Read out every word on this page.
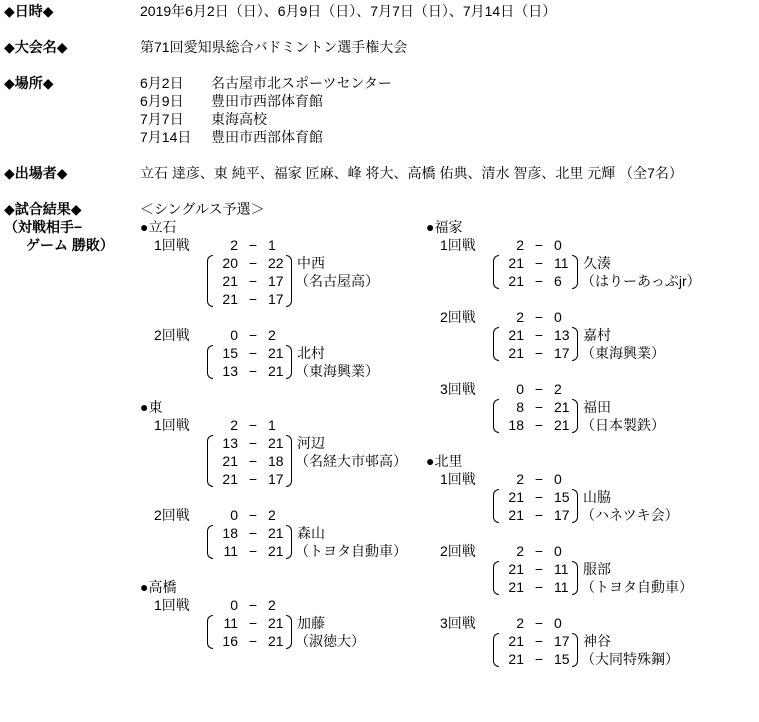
◆日時◆	2019年6月2日（日）、6月9日（日）、7月7日（日）、7月14日（日）
◆大会名◆	第71回愛知県総合バドミントン選手権大会
◆場所◆	6月2日 名古屋市北スポーツセンター
6月9日 豊田市西部体育館
7月7日 東海高校
7月14日 豊田市西部体育館
◆出場者◆	立石 達彦、東 純平、福家 匠麻、峰 将大、高橋 佑典、清水 智彦、北里 元輝 （全7名）
◆試合結果◆
（対戦相手−
ゲーム 勝敗）
＜シングルス予選＞
●立石
1回戦	2 − 1
20 − 22
21 − 17
21 − 17
中西
（名古屋高）
2回戦	0 − 2
15 − 21
13 − 21
北村
（東海興業）
●東
1回戦	2 − 1
13 − 21
21 − 18
21 − 17
河辺
（名経大市邨高）
2回戦	0 − 2
18 − 21
11 − 21
森山
（トヨタ自動車）
●高橋
1回戦	0 − 2
11 − 21
16 − 21
加藤
（淑徳大）
●福家
1回戦	2 − 0
21 − 11
21 − 6
久湊
（はりーあっぷjr）
2回戦	2 − 0
21 − 13
21 − 17
嘉村
（東海興業）
3回戦	0 − 2
8 − 21
18 − 21
福田
（日本製鉄）
●北里
1回戦	2 − 0
21 − 15
21 − 17
山脇
（ハネツキ会）
2回戦	2 − 0
21 − 11
21 − 11
服部
（トヨタ自動車）
3回戦	2 − 0
21 − 17
21 − 15
神谷
（大同特殊鋼）
